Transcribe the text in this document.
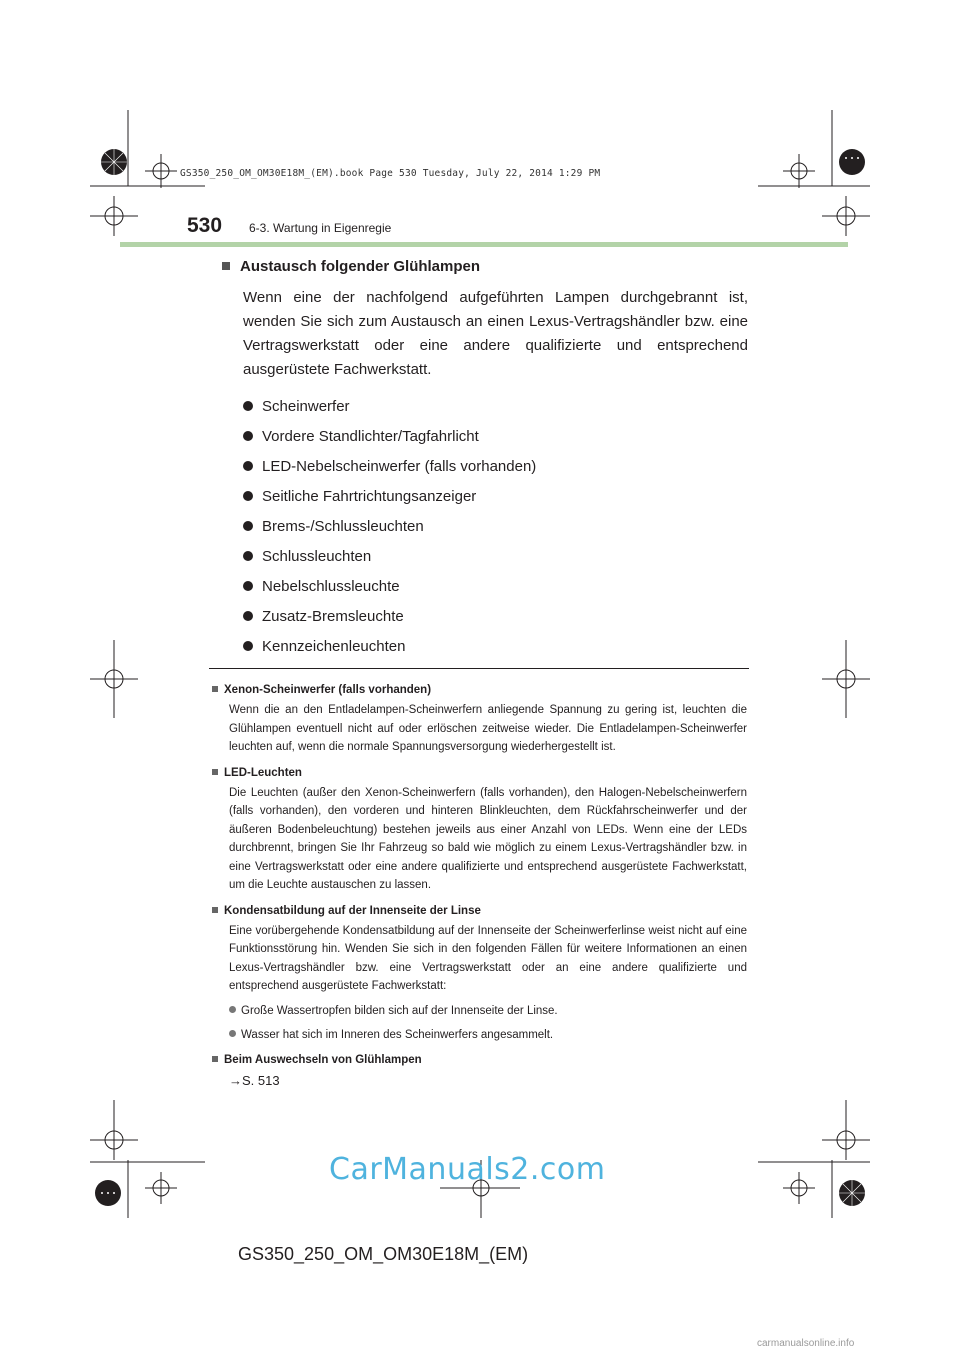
GS350_250_OM_OM30E18M_(EM).book Page 530 Tuesday, July 22, 2014 1:29 PM
530 6-3. Wartung in Eigenregie

Austausch folgender Glühlampen

Wenn eine der nachfolgend aufgeführten Lampen durchgebrannt ist, wenden Sie sich zum Austausch an einen Lexus-Vertragshändler bzw. eine Vertragswerkstatt oder eine andere qualifizierte und entsprechend ausgerüstete Fachwerkstatt.

Scheinwerfer
Vordere Standlichter/Tagfahrlicht
LED-Nebelscheinwerfer (falls vorhanden)
Seitliche Fahrtrichtungsanzeiger
Brems-/Schlussleuchten
Schlussleuchten
Nebelschlussleuchte
Zusatz-Bremsleuchte
Kennzeichenleuchten
Xenon-Scheinwerfer (falls vorhanden)
Wenn die an den Entladelampen-Scheinwerfern anliegende Spannung zu gering ist, leuchten die Glühlampen eventuell nicht auf oder erlöschen zeitweise wieder. Die Entladelampen-Scheinwerfer leuchten auf, wenn die normale Spannungsversorgung wiederhergestellt ist.
LED-Leuchten
Die Leuchten (außer den Xenon-Scheinwerfern (falls vorhanden), den Halogen-Nebelscheinwerfern (falls vorhanden), den vorderen und hinteren Blinkleuchten, dem Rückfahrscheinwerfer und der äußeren Bodenbeleuchtung) bestehen jeweils aus einer Anzahl von LEDs. Wenn eine der LEDs durchbrennt, bringen Sie Ihr Fahrzeug so bald wie möglich zu einem Lexus-Vertragshändler bzw. in eine Vertragswerkstatt oder eine andere qualifizierte und entsprechend ausgerüstete Fachwerkstatt, um die Leuchte austauschen zu lassen.
Kondensatbildung auf der Innenseite der Linse
Eine vorübergehende Kondensatbildung auf der Innenseite der Scheinwerferlinse weist nicht auf eine Funktionsstörung hin. Wenden Sie sich in den folgenden Fällen für weitere Informationen an einen Lexus-Vertragshändler bzw. eine Vertragswerkstatt oder an eine andere qualifizierte und entsprechend ausgerüstete Fachwerkstatt:
Große Wassertropfen bilden sich auf der Innenseite der Linse.
Wasser hat sich im Inneren des Scheinwerfers angesammelt.
Beim Auswechseln von Glühlampen
→S. 513
CarManuals2.com
GS350_250_OM_OM30E18M_(EM)
carmanualsonline.info
